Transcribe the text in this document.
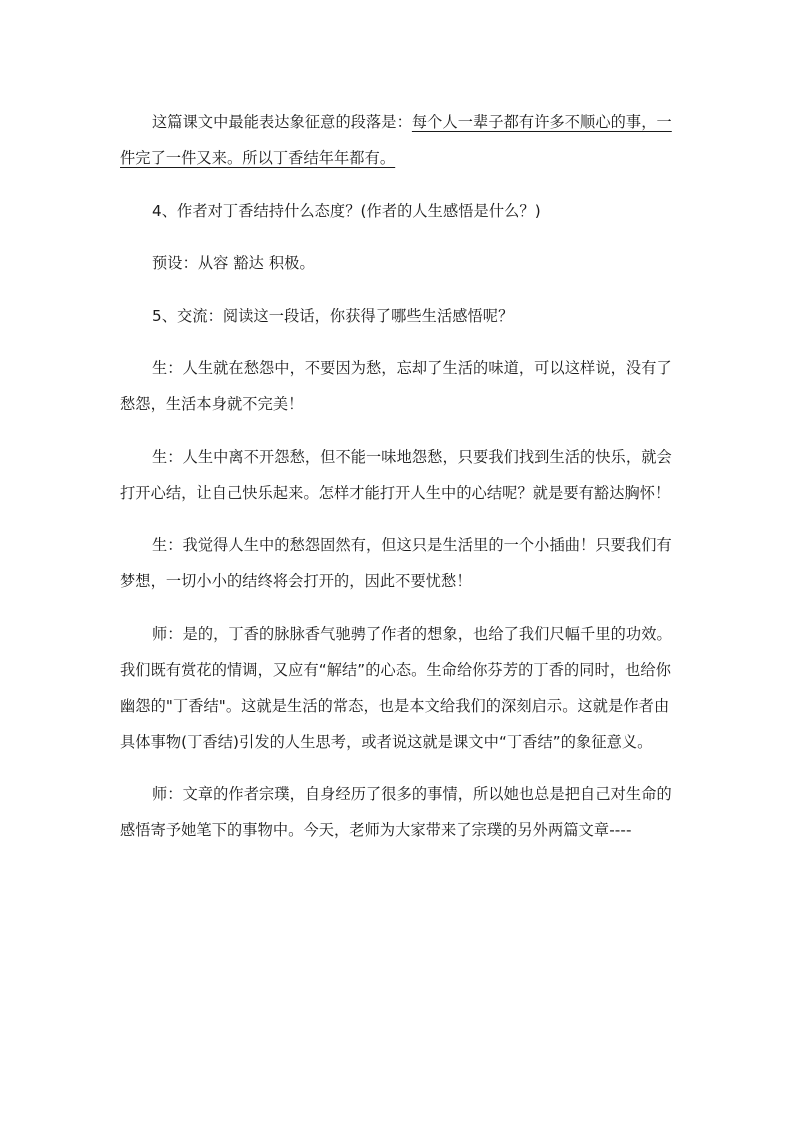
这篇课文中最能表达象征意的段落是：每个人一辈子都有许多不顺心的事，一件完了一件又来。所以丁香结年年都有。

4、作者对丁香结持什么态度？(作者的人生感悟是什么？)

预设：从容 豁达 积极。

5、交流：阅读这一段话，你获得了哪些生活感悟呢？

生：人生就在愁怨中，不要因为愁，忘却了生活的味道，可以这样说，没有了愁怨，生活本身就不完美！

生：人生中离不开怨愁，但不能一味地怨愁，只要我们找到生活的快乐，就会打开心结，让自己快乐起来。怎样才能打开人生中的心结呢？就是要有豁达胸怀！

生：我觉得人生中的愁怨固然有，但这只是生活里的一个小插曲！只要我们有梦想，一切小小的结终将会打开的，因此不要忧愁！

师：是的，丁香的脉脉香气驰骋了作者的想象，也给了我们尺幅千里的功效。我们既有赏花的情调，又应有“解结”的心态。生命给你芬芳的丁香的同时，也给你幽怨的"丁香结"。这就是生活的常态，也是本文给我们的深刻启示。这就是作者由具体事物(丁香结)引发的人生思考，或者说这就是课文中“丁香结”的象征意义。

师：文章的作者宗璞，自身经历了很多的事情，所以她也总是把自己对生命的感悟寄予她笔下的事物中。今天，老师为大家带来了宗璞的另外两篇文章----
